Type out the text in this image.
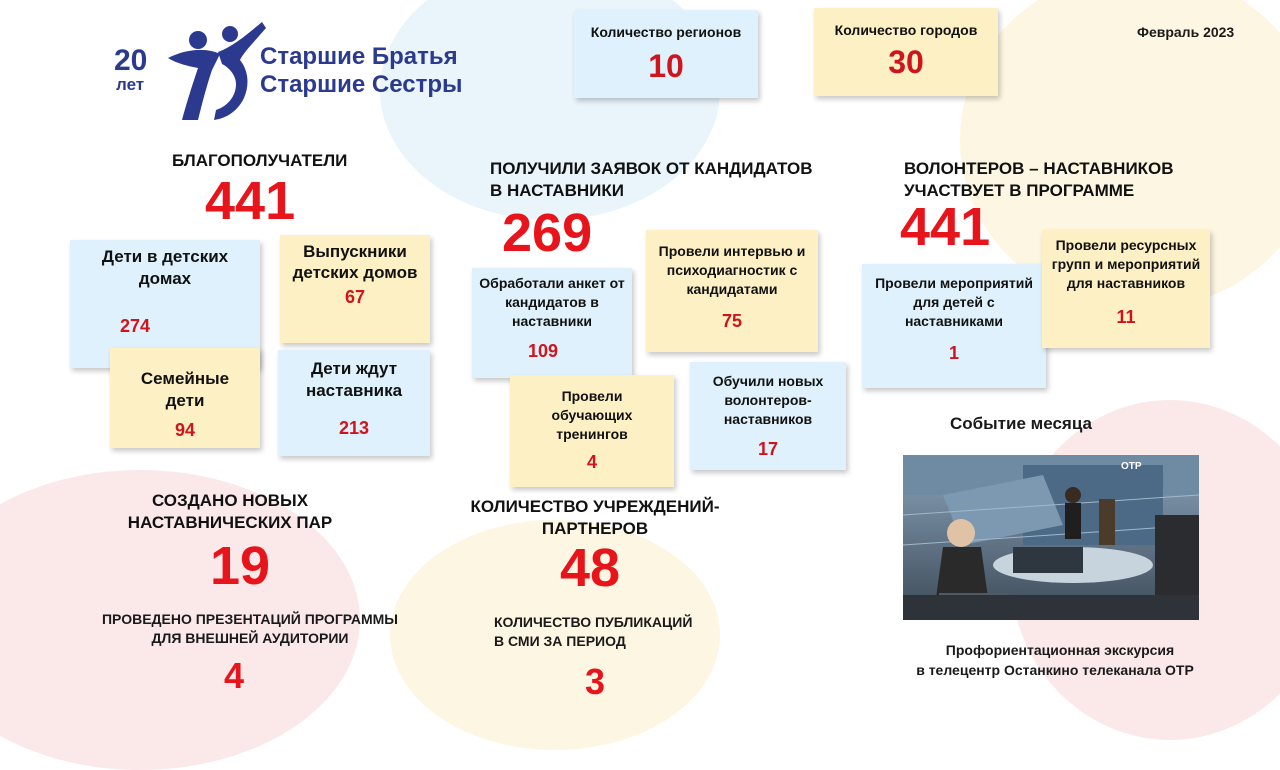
20
лет
Старшие Братья
Старшие Сестры
Количество регионов
10
Количество городов
30
Февраль 2023
БЛАГОПОЛУЧАТЕЛИ
441
Дети в детских домах
274
Выпускники детских домов
67
Семейные дети
94
Дети ждут наставника
213
ПОЛУЧИЛИ ЗАЯВОК ОТ КАНДИДАТОВ
В НАСТАВНИКИ
269
Обработали анкет от кандидатов в наставники
109
Провели интервью и психодиагностик с кандидатами
75
Провели обучающих тренингов
4
Обучили новых волонтеров-наставников
17
ВОЛОНТЕРОВ – НАСТАВНИКОВ
УЧАСТВУЕТ В ПРОГРАММЕ
441
Провели мероприятий для детей с наставниками
1
Провели ресурсных групп и мероприятий для наставников
11
СОЗДАНО НОВЫХ
НАСТАВНИЧЕСКИХ ПАР
19
ПРОВЕДЕНО ПРЕЗЕНТАЦИЙ ПРОГРАММЫ
ДЛЯ ВНЕШНЕЙ АУДИТОРИИ
4
КОЛИЧЕСТВО УЧРЕЖДЕНИЙ-
ПАРТНЕРОВ
48
КОЛИЧЕСТВО ПУБЛИКАЦИЙ
В СМИ ЗА ПЕРИОД
3
Событие месяца
ОТР
Профориентационная экскурсия
в телецентр Останкино телеканала ОТР
